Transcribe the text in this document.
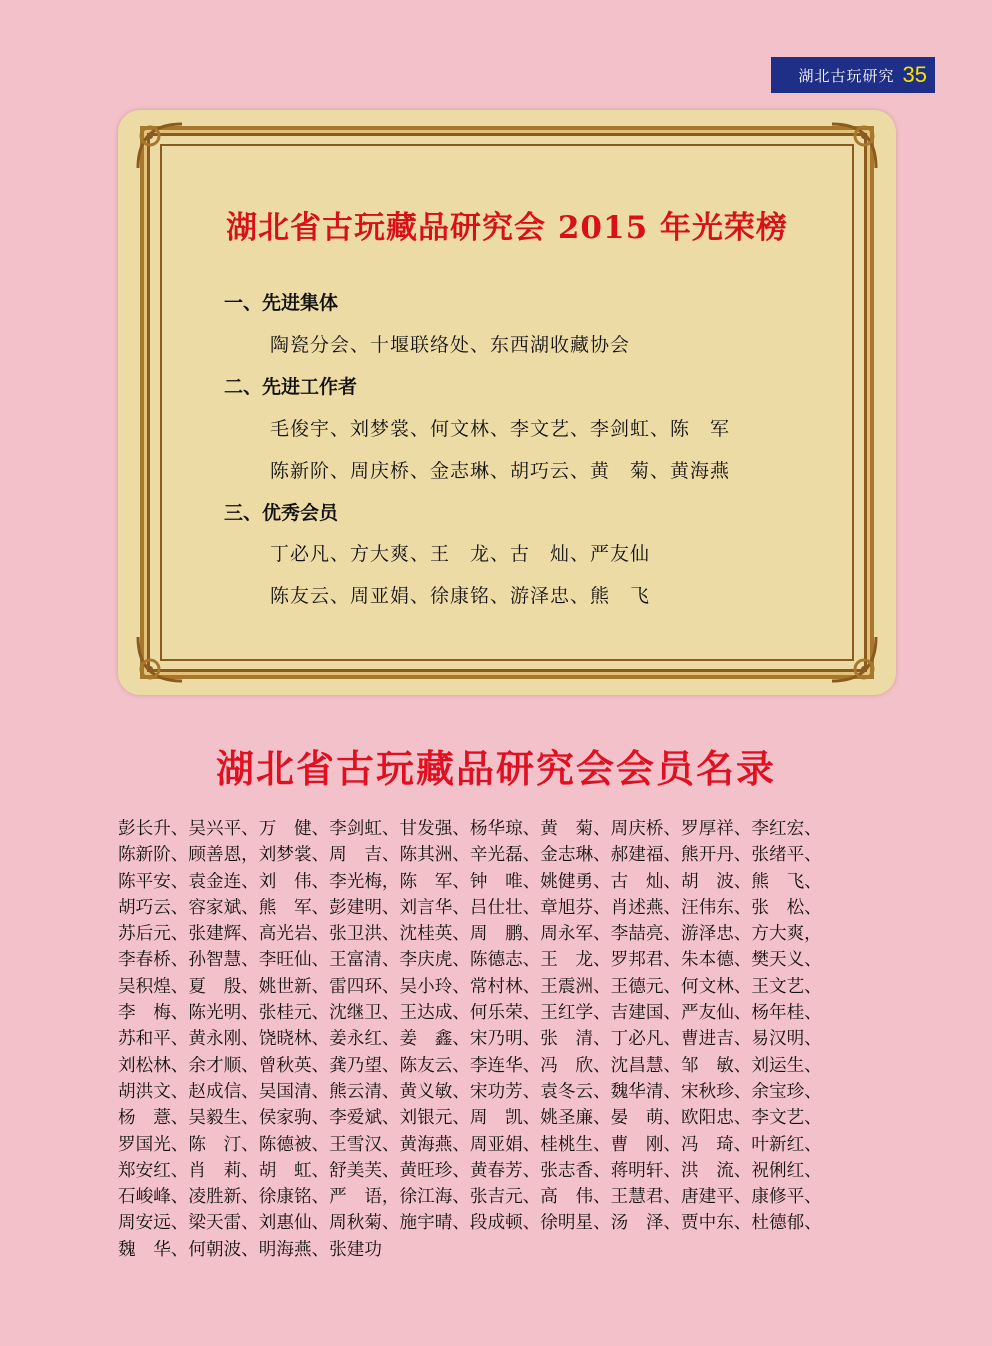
湖北古玩研究 35
湖北省古玩藏品研究会 2015 年光荣榜
一、先进集体
陶瓷分会、十堰联络处、东西湖收藏协会
二、先进工作者
毛俊宇、刘梦裳、何文林、李文艺、李剑虹、陈　军
陈新阶、周庆桥、金志琳、胡巧云、黄　菊、黄海燕
三、优秀会员
丁必凡、方大爽、王　龙、古　灿、严友仙
陈友云、周亚娟、徐康铭、游泽忠、熊　飞
湖北省古玩藏品研究会会员名录
彭长升、吴兴平、万　健、李剑虹、甘发强、杨华琼、黄　菊、周庆桥、罗厚祥、李红宏、
陈新阶、顾善恩，刘梦裳、周　吉、陈其洲、辛光磊、金志琳、郝建福、熊开丹、张绪平、
陈平安、袁金连、刘　伟、李光梅，陈　军、钟　唯、姚健勇、古　灿、胡　波、熊　飞、
胡巧云、容家斌、熊　军、彭建明、刘言华、吕仕壮、章旭芬、肖述燕、汪伟东、张　松、
苏后元、张建辉、高光岩、张卫洪、沈桂英、周　鹏、周永军、李喆亮、游泽忠、方大爽，
李春桥、孙智慧、李旺仙、王富清、李庆虎、陈德志、王　龙、罗邦君、朱本德、樊天义、
吴积煌、夏　殷、姚世新、雷四环、吴小玲、常村林、王震洲、王德元、何文林、王文艺、
李　梅、陈光明、张桂元、沈继卫、王达成、何乐荣、王红学、吉建国、严友仙、杨年桂、
苏和平、黄永刚、饶晓林、姜永红、姜　鑫、宋乃明、张　清、丁必凡、曹进吉、易汉明、
刘松林、余才顺、曾秋英、龚乃望、陈友云、李连华、冯　欣、沈昌慧、邹　敏、刘运生、
胡洪文、赵成信、吴国清、熊云清、黄义敏、宋功芳、袁冬云、魏华清、宋秋珍、余宝珍、
杨　薏、吴毅生、侯家驹、李爱斌、刘银元、周　凯、姚圣廉、晏　萌、欧阳忠、李文艺、
罗国光、陈　汀、陈德被、王雪汉、黄海燕、周亚娟、桂桃生、曹　刚、冯　琦、叶新红、
郑安红、肖　莉、胡　虹、舒美芙、黄旺珍、黄春芳、张志香、蒋明轩、洪　流、祝俐红、
石峻峰、凌胜新、徐康铭、严　语，徐江海、张吉元、高　伟、王慧君、唐建平、康修平、
周安远、梁天雷、刘惠仙、周秋菊、施宇晴、段成顿、徐明星、汤　泽、贾中东、杜德郁、
魏　华、何朝波、明海燕、张建功
